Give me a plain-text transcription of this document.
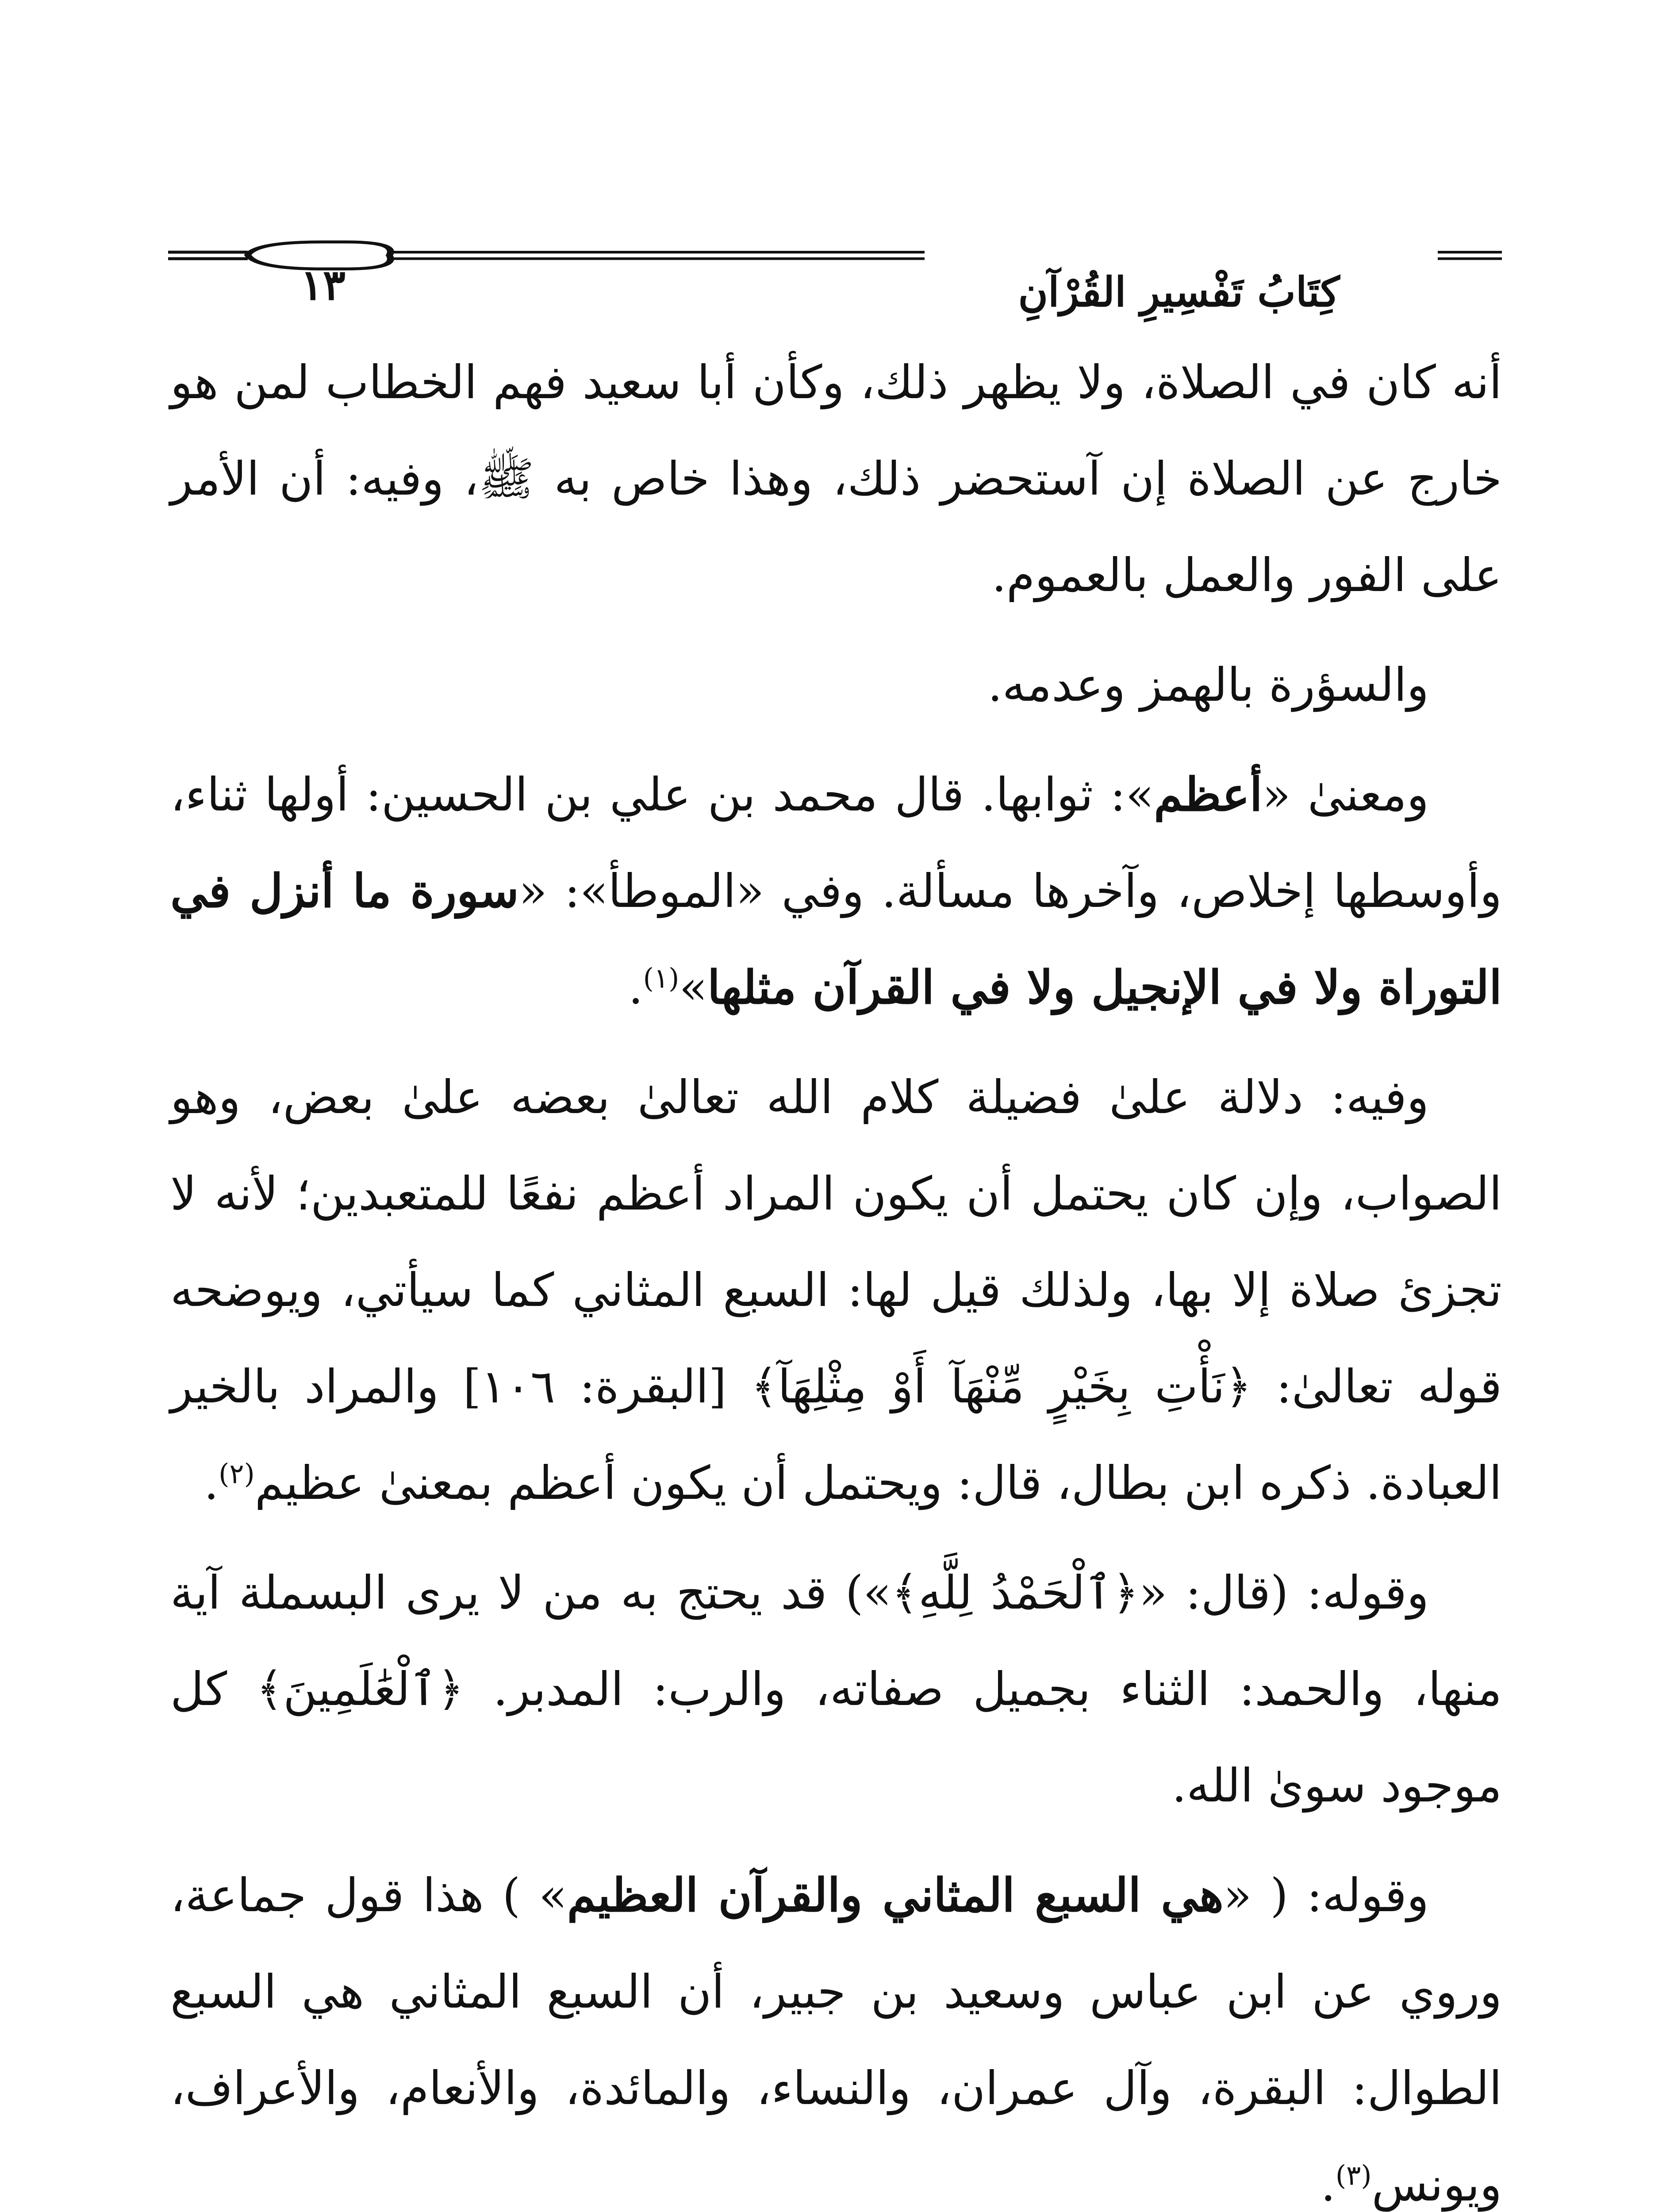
١٣	كِتَابُ تَفْسِيرِ القُرْآنِ

أنه كان في الصلاة، ولا يظهر ذلك، وكأن أبا سعيد فهم الخطاب لمن هو خارج عن الصلاة إن آستحضر ذلك، وهذا خاص به ﷺ، وفيه: أن الأمر على الفور والعمل بالعموم.

والسؤرة بالهمز وعدمه.

ومعنىٰ «أعظم»: ثوابها. قال محمد بن علي بن الحسين: أولها ثناء، وأوسطها إخلاص، وآخرها مسألة. وفي «الموطأ»: «سورة ما أنزل في التوراة ولا في الإنجيل ولا في القرآن مثلها»$^{(١)}$.

وفيه: دلالة علىٰ فضيلة كلام الله تعالىٰ بعضه علىٰ بعض، وهو الصواب، وإن كان يحتمل أن يكون المراد أعظم نفعًا للمتعبدين؛ لأنه لا تجزئ صلاة إلا بها، ولذلك قيل لها: السبع المثاني كما سيأتي، ويوضحه قوله تعالىٰ: ﴿نَأْتِ بِخَيْرٍ مِّنْهَآ أَوْ مِثْلِهَآ﴾ [البقرة: ١٠٦] والمراد بالخير العبادة. ذكره ابن بطال، قال: ويحتمل أن يكون أعظم بمعنىٰ عظيم$^{(٢)}$.

وقوله: (قال: «﴿ٱلْحَمْدُ لِلَّهِ﴾») قد يحتج به من لا يرى البسملة آية منها، والحمد: الثناء بجميل صفاته، والرب: المدبر. ﴿ٱلْعَٰلَمِينَ﴾ كل موجود سوىٰ الله.

وقوله: ( «هي السبع المثاني والقرآن العظيم» ) هذا قول جماعة، وروي عن ابن عباس وسعيد بن جبير، أن السبع المثاني هي السبع الطوال: البقرة، وآل عمران، والنساء، والمائدة، والأنعام، والأعراف، ويونس$^{(٣)}$.
